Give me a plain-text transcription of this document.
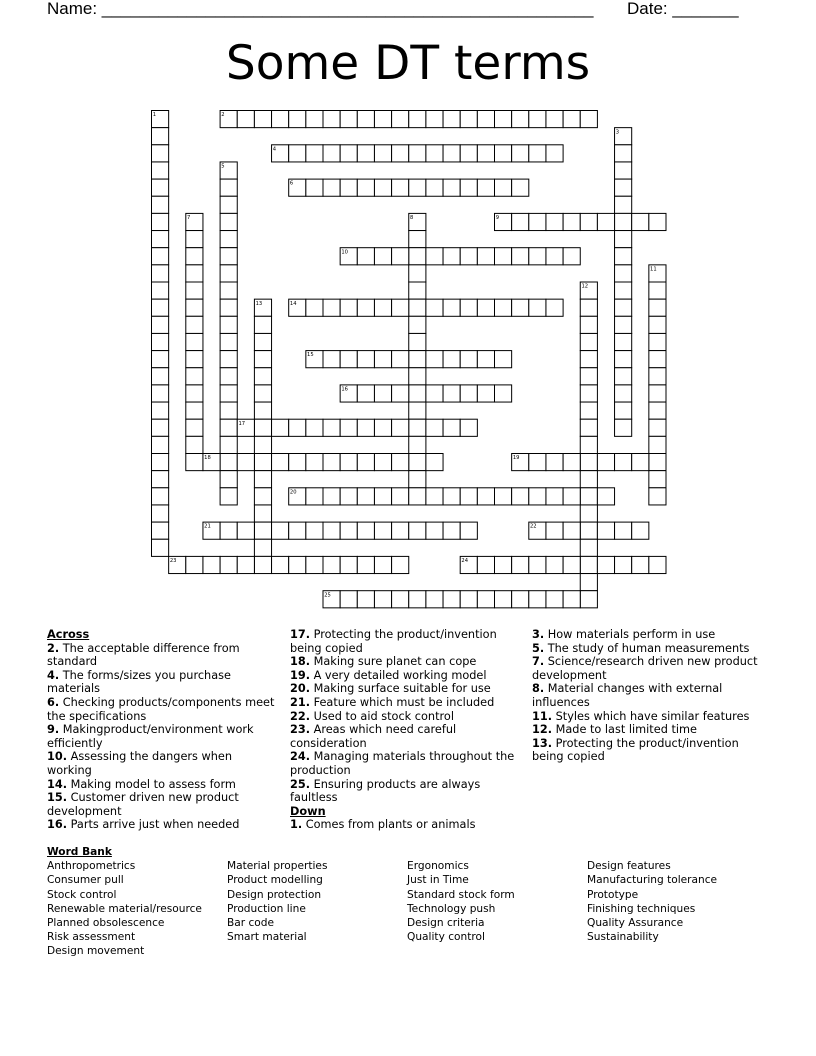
Name: ____________________________________________________ Date: _______
Some DT terms
1	2
3
4
5
6
7	8	9
10
11
12
13	14
15
16
17
18	19
20
21	22
23	24
25
Across
2. The acceptable difference from standard
4. The forms/sizes you purchase materials
6. Checking products/components meet the specifications
9. Makingproduct/environment work efficiently
10. Assessing the dangers when working
14. Making model to assess form
15. Customer driven new product development
16. Parts arrive just when needed
17. Protecting the product/invention being copied
18. Making sure planet can cope
19. A very detailed working model
20. Making surface suitable for use
21. Feature which must be included
22. Used to aid stock control
23. Areas which need careful consideration
24. Managing materials throughout the production
25. Ensuring products are always faultless
Down
1. Comes from plants or animals
3. How materials perform in use
5. The study of human measurements
7. Science/research driven new product development
8. Material changes with external influences
11. Styles which have similar features
12. Made to last limited time
13. Protecting the product/invention being copied
Word Bank
Anthropometrics
Consumer pull
Stock control
Renewable material/resource
Planned obsolescence
Risk assessment
Design movement
Material properties
Product modelling
Design protection
Production line
Bar code
Smart material
Ergonomics
Just in Time
Standard stock form
Technology push
Design criteria
Quality control
Design features
Manufacturing tolerance
Prototype
Finishing techniques
Quality Assurance
Sustainability
